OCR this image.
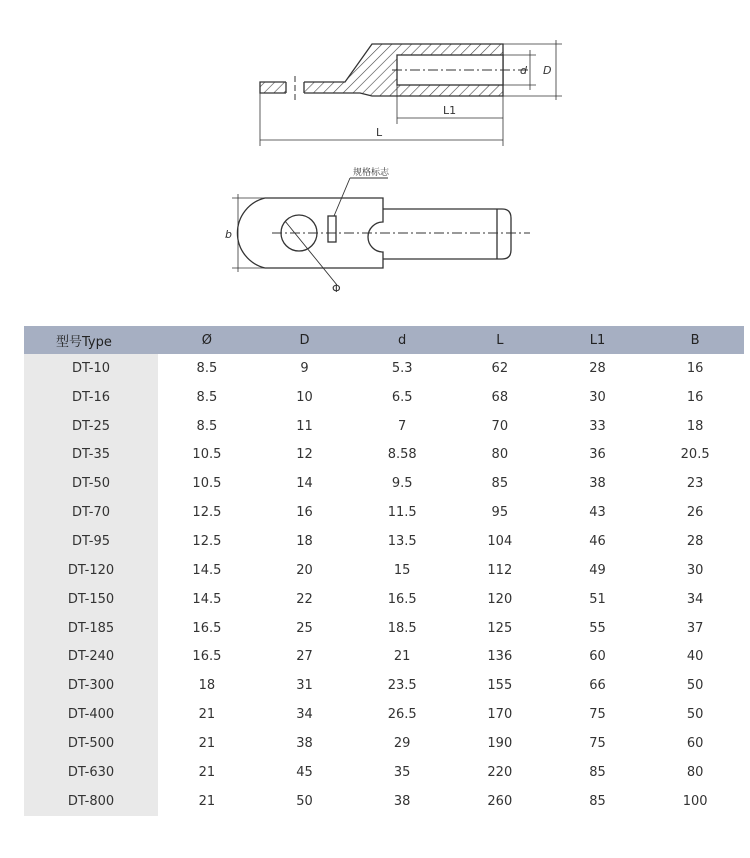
d D
L1
L
b
Φ
规格标志
型号Type	Ø	D	d	L	L1	B
DT-10	8.5	9	5.3	62	28	16
DT-16	8.5	10	6.5	68	30	16
DT-25	8.5	11	7	70	33	18
DT-35	10.5	12	8.58	80	36	20.5
DT-50	10.5	14	9.5	85	38	23
DT-70	12.5	16	11.5	95	43	26
DT-95	12.5	18	13.5	104	46	28
DT-120	14.5	20	15	112	49	30
DT-150	14.5	22	16.5	120	51	34
DT-185	16.5	25	18.5	125	55	37
DT-240	16.5	27	21	136	60	40
DT-300	18	31	23.5	155	66	50
DT-400	21	34	26.5	170	75	50
DT-500	21	38	29	190	75	60
DT-630	21	45	35	220	85	80
DT-800	21	50	38	260	85	100
